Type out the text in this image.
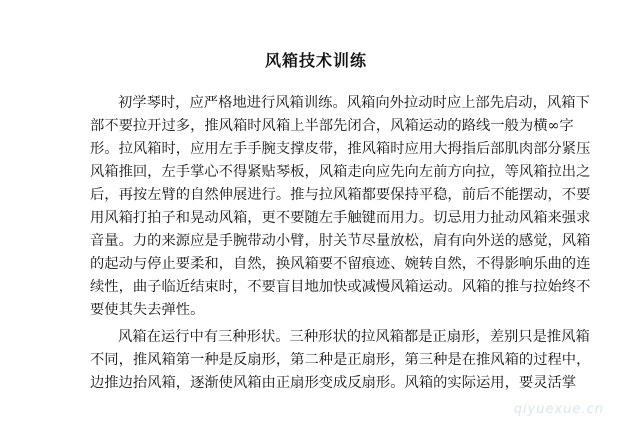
风箱技术训练
初学琴时，应严格地进行风箱训练。风箱向外拉动时应上部先启动，风箱下
部不要拉开过多，推风箱时风箱上半部先闭合，风箱运动的路线一般为横∞字
形。拉风箱时，应用左手手腕支撑皮带，推风箱时应用大拇指后部肌肉部分紧压
风箱推回，左手掌心不得紧贴琴板，风箱走向应先向左前方向拉，等风箱拉出之
后，再按左臂的自然伸展进行。推与拉风箱都要保持平稳，前后不能摆动，不要
用风箱打拍子和晃动风箱，更不要随左手触键而用力。切忌用力扯动风箱来强求
音量。力的来源应是手腕带动小臂，肘关节尽量放松，肩有向外送的感觉，风箱
的起动与停止要柔和，自然，换风箱要不留痕迹、婉转自然，不得影响乐曲的连
续性，曲子临近结束时，不要盲目地加快或减慢风箱运动。风箱的推与拉始终不
要使其失去弹性。
风箱在运行中有三种形状。三种形状的拉风箱都是正扇形，差别只是推风箱
不同，推风箱第一种是反扇形，第二种是正扇形，第三种是在推风箱的过程中，
边推边抬风箱，逐渐使风箱由正扇形变成反扇形。风箱的实际运用，要灵活掌
qiyuexue.cn
